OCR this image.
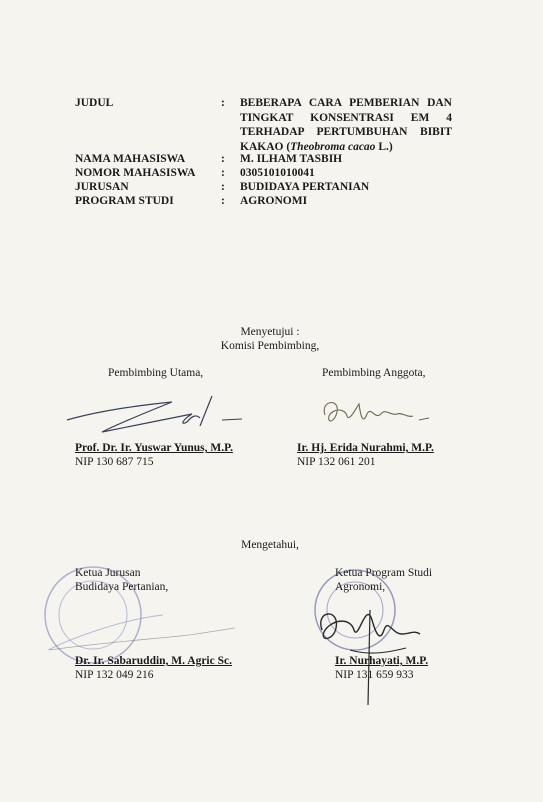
JUDUL	: BEBERAPA CARA PEMBERIAN DAN TINGKAT KONSENTRASI EM 4 TERHADAP PERTUMBUHAN BIBIT KAKAO (Theobroma cacao L.)
NAMA MAHASISWA	: M. ILHAM TASBIH
NOMOR MAHASISWA : 0305101010041
JURUSAN	: BUDIDAYA PERTANIAN
PROGRAM STUDI	: AGRONOMI
Menyetujui :
Komisi Pembimbing,
Pembimbing Utama,	Pembimbing Anggota,
Prof. Dr. Ir. Yuswar Yunus, M.P.
NIP 130 687 715
Ir. Hj. Erida Nurahmi, M.P.
NIP 132 061 201
Mengetahui,
Ketua Jurusan
Budidaya Pertanian,
Ketua Program Studi
Agronomi,
Dr. Ir. Sabaruddin, M. Agric Sc.
NIP 132 049 216
Ir. Nurhayati, M.P.
NIP 131 659 933
